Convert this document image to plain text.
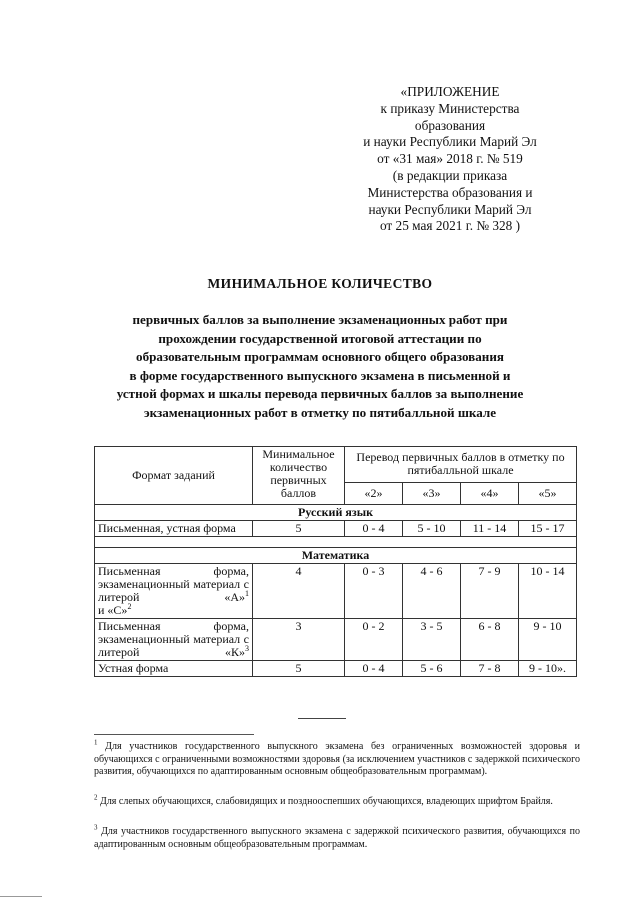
«ПРИЛОЖЕНИЕ
к приказу Министерства
образования
и науки Республики Марий Эл
от «31 мая» 2018 г. № 519
(в редакции приказа
Министерства образования и
науки Республики Марий Эл
от 25 мая 2021 г. № 328 )
МИНИМАЛЬНОЕ КОЛИЧЕСТВО
первичных баллов за выполнение экзаменационных работ при
прохождении государственной итоговой аттестации по
образовательным программам основного общего образования
в форме государственного выпускного экзамена в письменной и
устной формах и шкалы перевода первичных баллов за выполнение
экзаменационных работ в отметку по пятибалльной шкале
Формат заданий	Минимальное количество первичных баллов	Перевод первичных баллов в отметку по пятибалльной шкале			
		«2»	«3»	«4»	«5»
Русский язык					
Письменная, устная форма	5	0 - 4	5 - 10	11 - 14	15 - 17

Математика					

Письменная форма, экзаменационный материал с литерой «А»$^1$
и «С»$^2$	4	0 - 3	4 - 6	7 - 9	10 - 14

Письменная форма, экзаменационный материал с литерой «К»$^3$	3	0 - 2	3 - 5	6 - 8	9 - 10
Устная форма	5	0 - 4	5 - 6	7 - 8	9 - 10».
$^1$ Для участников государственного выпускного экзамена без ограниченных возможностей здоровья и обучающихся с ограниченными возможностями здоровья (за исключением участников с задержкой психического развития, обучающихся по адаптированным основным общеобразовательным программам).
$^2$ Для слепых обучающихся, слабовидящих и позднооспепших обучающихся, владеющих шрифтом Брайля.
$^3$ Для участников государственного выпускного экзамена с задержкой психического развития, обучающихся по адаптированным основным общеобразовательным программам.
